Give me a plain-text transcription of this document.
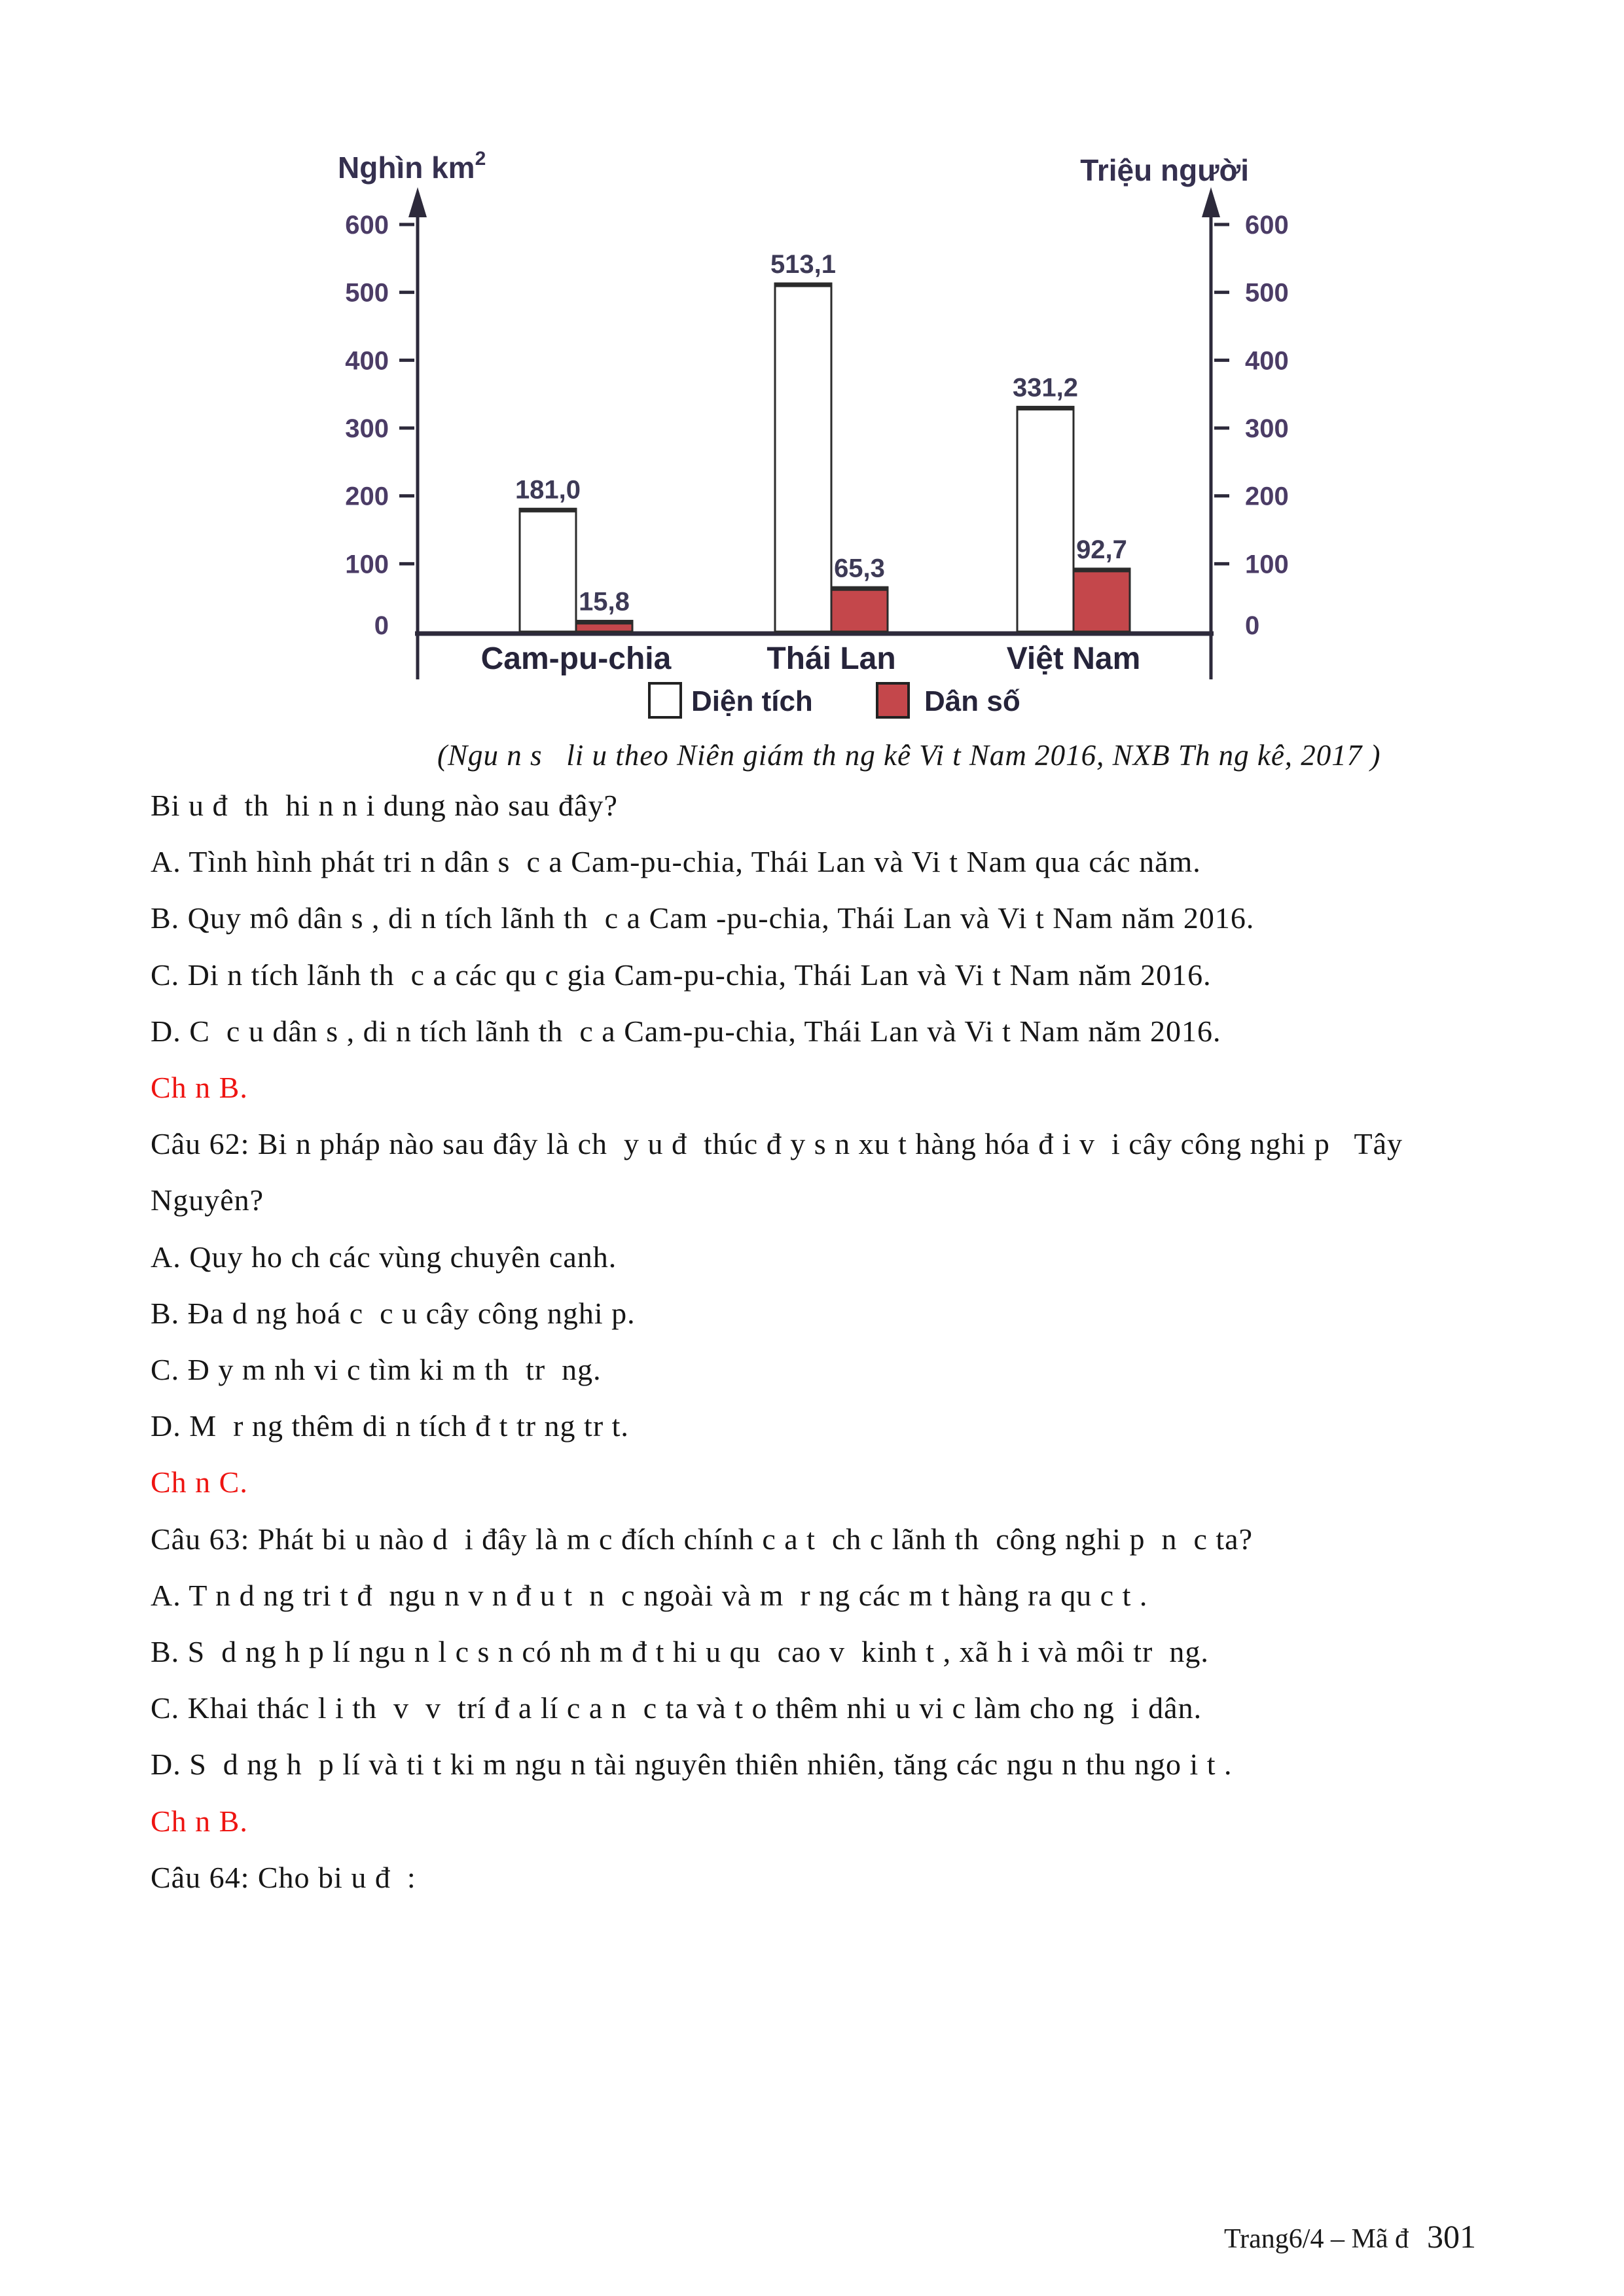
600	600
500	500
400	400
300	300
200	200
100	100
0	0
181,0
15,8
Cam-pu-chia
513,1
65,3
Thái Lan
331,2
92,7
Việt Nam
Diện tích	Dân số
Nghìn $km^2$	Triệu người
(Ngu n s   li u theo Niên giám th ng kê Vi t Nam 2016, NXB Th ng kê, 2017 )
Bi u đ  th  hi n n i dung nào sau đây?
A. Tình hình phát tri n dân s  c a Cam-pu-chia, Thái Lan và Vi t Nam qua các năm.
B. Quy mô dân s , di n tích lãnh th  c a Cam -pu-chia, Thái Lan và Vi t Nam năm 2016.
C. Di n tích lãnh th  c a các qu c gia Cam-pu-chia, Thái Lan và Vi t Nam năm 2016.
D. C  c u dân s , di n tích lãnh th  c a Cam-pu-chia, Thái Lan và Vi t Nam năm 2016.
Ch n B.
Câu 62: Bi n pháp nào sau đây là ch  y u đ  thúc đ y s n xu t hàng hóa đ i v  i cây công nghi p   Tây
Nguyên?
A. Quy ho ch các vùng chuyên canh.
B. Đa d ng hoá c  c u cây công nghi p.
C. Đ y m nh vi c tìm ki m th  tr  ng.
D. M  r ng thêm di n tích đ t tr ng tr t.
Ch n C.
Câu 63: Phát bi u nào d  i đây là m c đích chính c a t  ch c lãnh th  công nghi p  n  c ta?
A. T n d ng tri t đ  ngu n v n đ u t  n  c ngoài và m  r ng các m t hàng ra qu c t .
B. S  d ng h p lí ngu n l c s n có nh m đ t hi u qu  cao v  kinh t , xã h i và môi tr  ng.
C. Khai thác l i th  v  v  trí đ a lí c a n  c ta và t o thêm nhi u vi c làm cho ng  i dân.
D. S  d ng h  p lí và ti t ki m ngu n tài nguyên thiên nhiên, tăng các ngu n thu ngo i t .
Ch n B.
Câu 64: Cho bi u đ  :
Trang6/4 – Mã đ 301
